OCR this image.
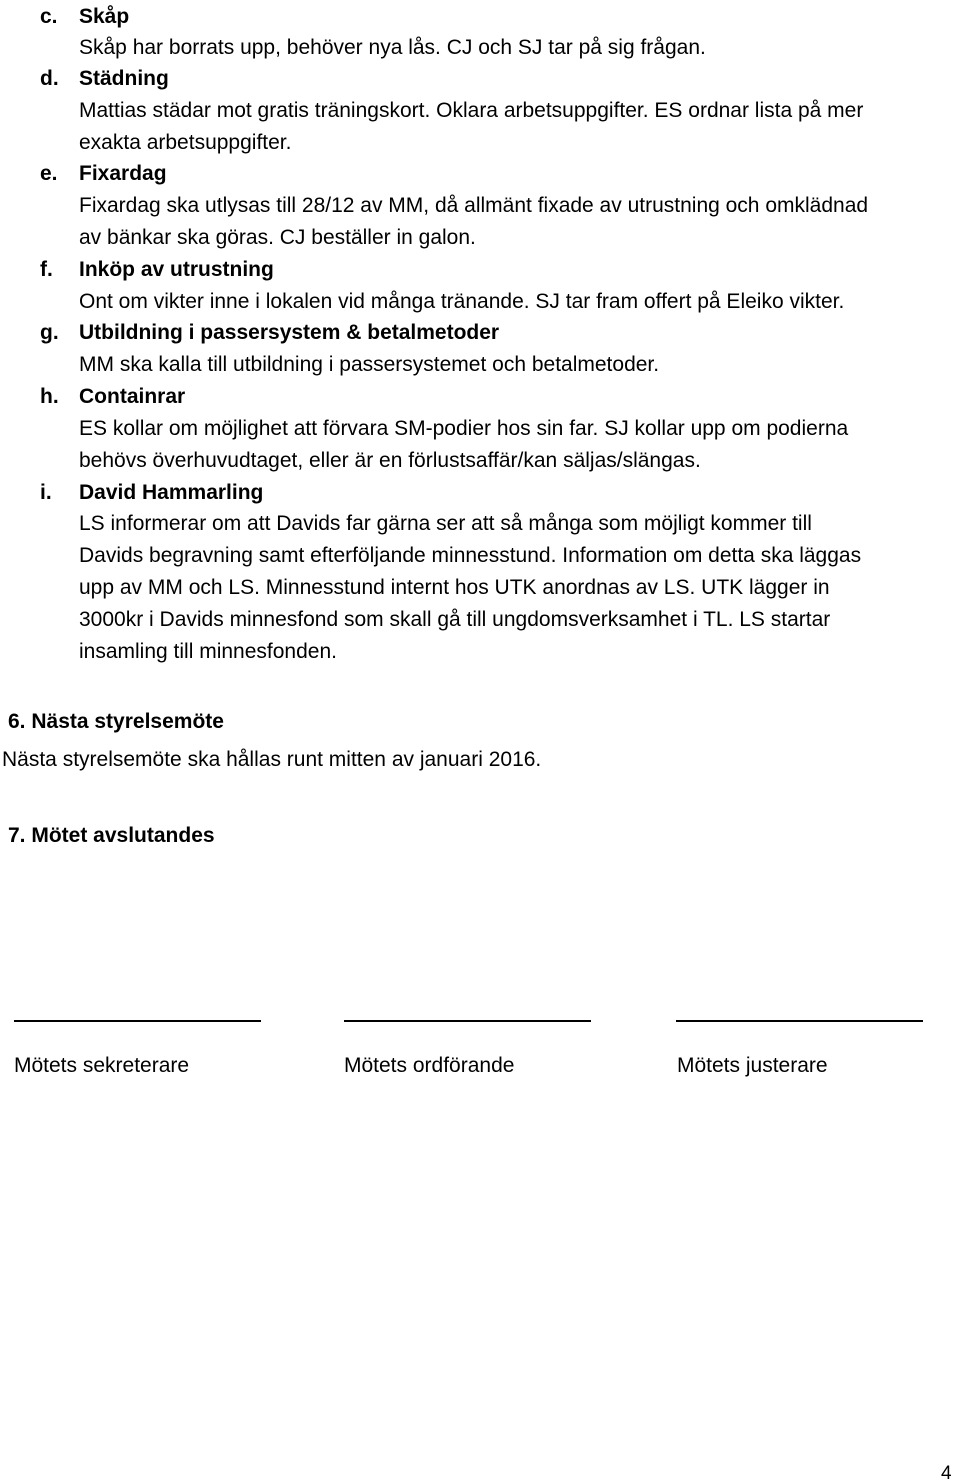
c. Skåp
Skåp har borrats upp, behöver nya lås. CJ och SJ tar på sig frågan.
d. Städning
Mattias städar mot gratis träningskort. Oklara arbetsuppgifter. ES ordnar lista på mer
exakta arbetsuppgifter.
e. Fixardag
Fixardag ska utlysas till 28/12 av MM, då allmänt fixade av utrustning och omklädnad
av bänkar ska göras. CJ beställer in galon.
f. Inköp av utrustning
Ont om vikter inne i lokalen vid många tränande. SJ tar fram offert på Eleiko vikter.
g. Utbildning i passersystem & betalmetoder
MM ska kalla till utbildning i passersystemet och betalmetoder.
h. Containrar
ES kollar om möjlighet att förvara SM-podier hos sin far. SJ kollar upp om podierna
behövs överhuvudtaget, eller är en förlustsaffär/kan säljas/slängas.
i. David Hammarling
LS informerar om att Davids far gärna ser att så många som möjligt kommer till
Davids begravning samt efterföljande minnesstund. Information om detta ska läggas
upp av MM och LS. Minnesstund internt hos UTK anordnas av LS. UTK lägger in
3000kr i Davids minnesfond som skall gå till ungdomsverksamhet i TL. LS startar
insamling till minnesfonden.
6. Nästa styrelsemöte
Nästa styrelsemöte ska hållas runt mitten av januari 2016.
7. Mötet avslutandes
Mötets sekreterare	Mötets ordförande	Mötets justerare
4
